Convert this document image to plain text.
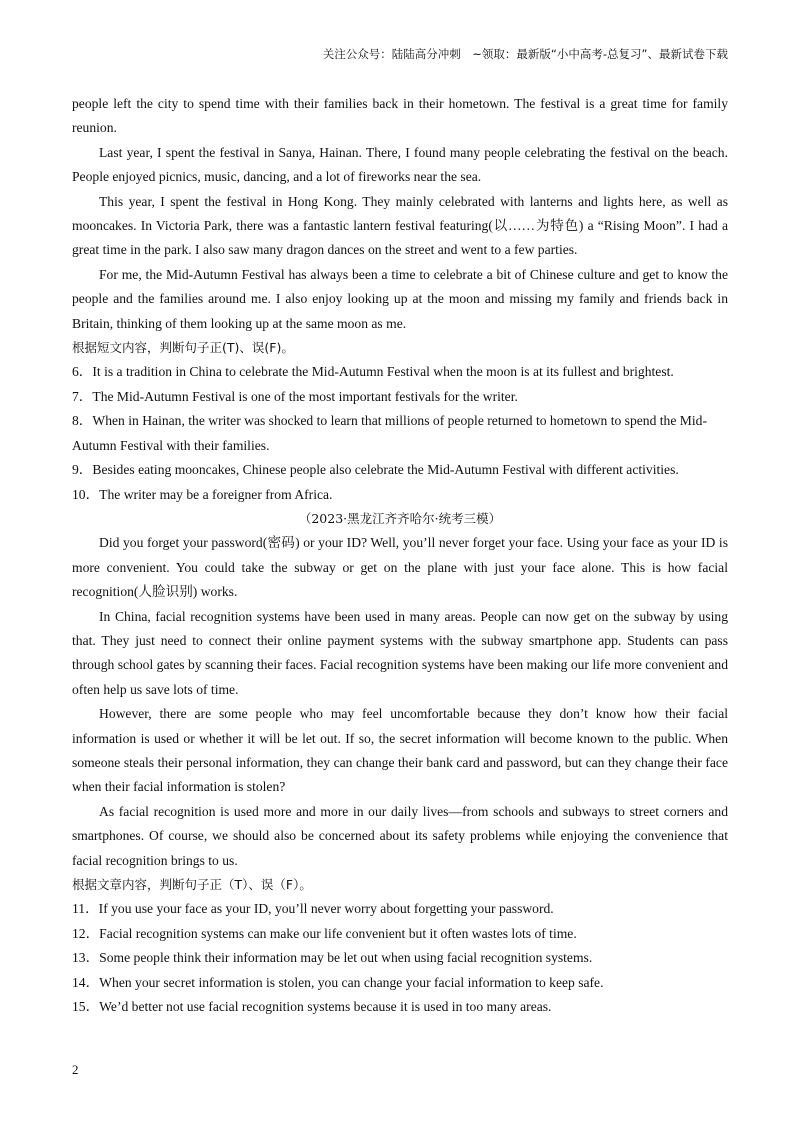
关注公众号：陆陆高分冲刺　~领取：最新版“小中高考-总复习”、最新试卷下载

people left the city to spend time with their families back in their hometown. The festival is a great time for family reunion.

Last year, I spent the festival in Sanya, Hainan. There, I found many people celebrating the festival on the beach. People enjoyed picnics, music, dancing, and a lot of fireworks near the sea.

This year, I spent the festival in Hong Kong. They mainly celebrated with lanterns and lights here, as well as mooncakes. In Victoria Park, there was a fantastic lantern festival featuring(以……为特色) a “Rising Moon”. I had a great time in the park. I also saw many dragon dances on the street and went to a few parties.

For me, the Mid-Autumn Festival has always been a time to celebrate a bit of Chinese culture and get to know the people and the families around me. I also enjoy looking up at the moon and missing my family and friends back in Britain, thinking of them looking up at the same moon as me.

根据短文内容，判断句子正(T)、误(F)。

6．It is a tradition in China to celebrate the Mid-Autumn Festival when the moon is at its fullest and brightest.

7．The Mid-Autumn Festival is one of the most important festivals for the writer.

8．When in Hainan, the writer was shocked to learn that millions of people returned to hometown to spend the Mid-Autumn Festival with their families.

9．Besides eating mooncakes, Chinese people also celebrate the Mid-Autumn Festival with different activities.

10．The writer may be a foreigner from Africa.

（2023·黑龙江齐齐哈尔·统考三模）

Did you forget your password(密码) or your ID? Well, you’ll never forget your face. Using your face as your ID is more convenient. You could take the subway or get on the plane with just your face alone. This is how facial recognition(人脸识别) works.

In China, facial recognition systems have been used in many areas. People can now get on the subway by using that. They just need to connect their online payment systems with the subway smartphone app. Students can pass through school gates by scanning their faces. Facial recognition systems have been making our life more convenient and often help us save lots of time.

However, there are some people who may feel uncomfortable because they don’t know how their facial information is used or whether it will be let out. If so, the secret information will become known to the public. When someone steals their personal information, they can change their bank card and password, but can they change their face when their facial information is stolen?

As facial recognition is used more and more in our daily lives—from schools and subways to street corners and smartphones. Of course, we should also be concerned about its safety problems while enjoying the convenience that facial recognition brings to us.

根据文章内容，判断句子正（T）、误（F）。

11．If you use your face as your ID, you’ll never worry about forgetting your password.

12．Facial recognition systems can make our life convenient but it often wastes lots of time.

13．Some people think their information may be let out when using facial recognition systems.

14．When your secret information is stolen, you can change your facial information to keep safe.

15．We’d better not use facial recognition systems because it is used in too many areas.

2
